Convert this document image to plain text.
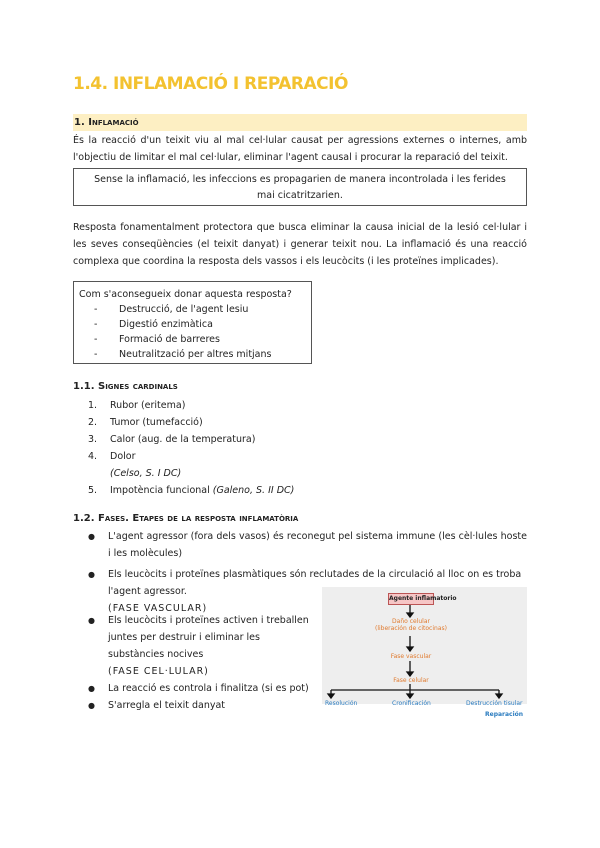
1.4. INFLAMACIÓ I REPARACIÓ
1. Inflamació
És la reacció d'un teixit viu al mal cel·lular causat per agressions externes o internes, amb l'objectiu de limitar el mal cel·lular, eliminar l'agent causal i procurar la reparació del teixit.
Sense la inflamació, les infeccions es propagarien de manera incontrolada i les ferides mai cicatritzarien.
Resposta fonamentalment protectora que busca eliminar la causa inicial de la lesió cel·lular i les seves conseqüències (el teixit danyat) i generar teixit nou. La inflamació és una reacció complexa que coordina la resposta dels vassos i els leucòcits (i les proteïnes implicades).
Com s'aconsegueix donar aquesta resposta?
- Destrucció, de l'agent lesiu
- Digestió enzimàtica
- Formació de barreres
- Neutralització per altres mitjans
1.1. Signes cardinals
1. Rubor (eritema)
2. Tumor (tumefacció)
3. Calor (aug. de la temperatura)
4. Dolor
(Celso, S. I DC)
5. Impotència funcional (Galeno, S. II DC)
1.2. Fases. Etapes de la resposta inflamatòria
● L'agent agressor (fora dels vasos) és reconegut pel sistema immune (les cèl·lules hoste i les molècules)
● Els leucòcits i proteïnes plasmàtiques són reclutades de la circulació al lloc on es troba l'agent agressor.
(FASE VASCULAR)
● Els leucòcits i proteïnes activen i treballen juntes per destruir i eliminar les substàncies nocives
(FASE CEL·LULAR)
● La reacció es controla i finalitza (si es pot)
● S'arregla el teixit danyat
Agente inflamatorio
Daño celular
(liberación de citocinas)
Fase vascular
Fase celular
Resolución	Cronificación	Destrucción tisular
Reparación
